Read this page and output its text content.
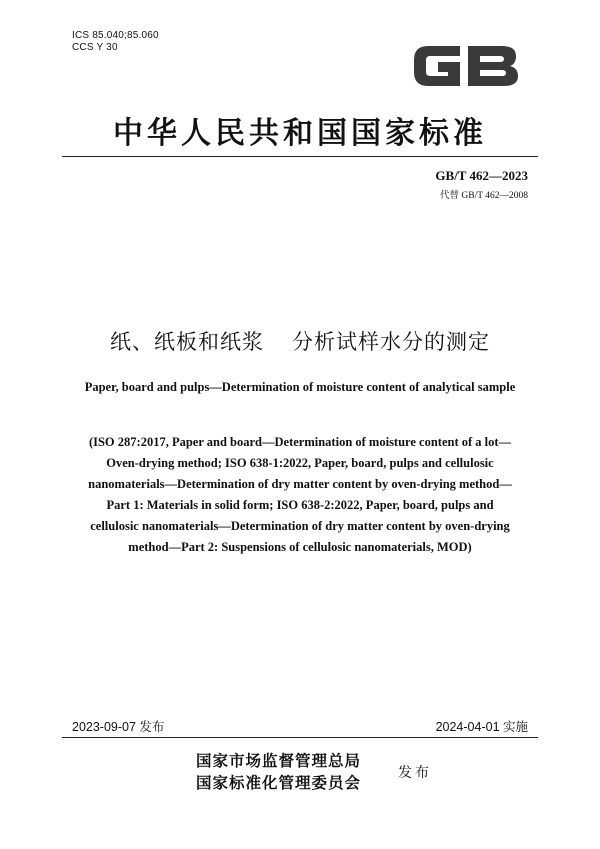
ICS 85.040;85.060
CCS Y 30
中华人民共和国国家标准
GB/T 462—2023
代替 GB/T 462—2008
纸、纸板和纸浆 分析试样水分的测定
Paper, board and pulps—Determination of moisture content of analytical sample
(ISO 287:2017, Paper and board—Determination of moisture content of a lot—
Oven-drying method; ISO 638-1:2022, Paper, board, pulps and cellulosic
nanomaterials—Determination of dry matter content by oven-drying method—
Part 1: Materials in solid form; ISO 638-2:2022, Paper, board, pulps and
cellulosic nanomaterials—Determination of dry matter content by oven-drying
method—Part 2: Suspensions of cellulosic nanomaterials, MOD)
2023-09-07 发布	2024-04-01 实施
国家市场监督管理总局
国家标准化管理委员会
发布
